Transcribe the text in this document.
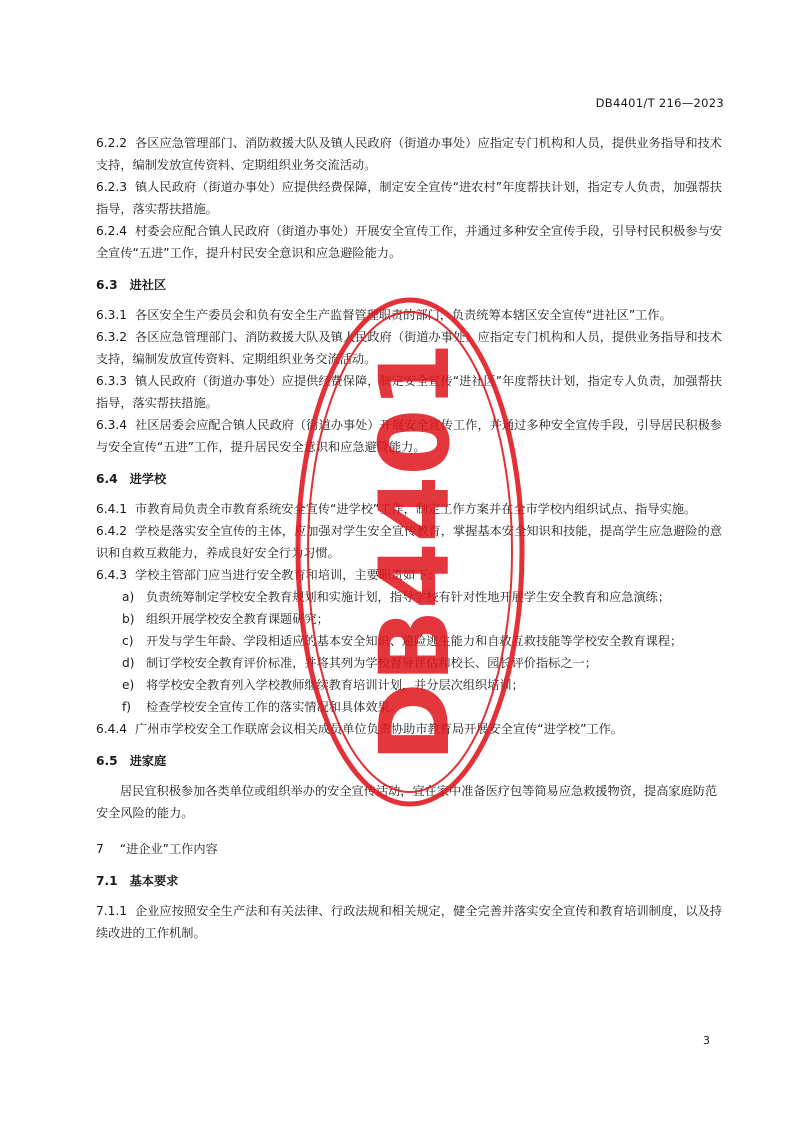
DB4401/T 216—2023

6.2.2 各区应急管理部门、消防救援大队及镇人民政府（街道办事处）应指定专门机构和人员，提供业务指导和技术支持，编制发放宣传资料、定期组织业务交流活动。

6.2.3 镇人民政府（街道办事处）应提供经费保障，制定安全宣传“进农村”年度帮扶计划，指定专人负责，加强帮扶指导，落实帮扶措施。

6.2.4 村委会应配合镇人民政府（街道办事处）开展安全宣传工作，并通过多种安全宣传手段，引导村民积极参与安全宣传“五进”工作，提升村民安全意识和应急避险能力。

6.3 进社区

6.3.1 各区安全生产委员会和负有安全生产监督管理职责的部门，负责统筹本辖区安全宣传“进社区”工作。

6.3.2 各区应急管理部门、消防救援大队及镇人民政府（街道办事处）应指定专门机构和人员，提供业务指导和技术支持，编制发放宣传资料、定期组织业务交流活动。

6.3.3 镇人民政府（街道办事处）应提供经费保障，制定安全宣传“进社区”年度帮扶计划，指定专人负责，加强帮扶指导，落实帮扶措施。

6.3.4 社区居委会应配合镇人民政府（街道办事处）开展安全宣传工作，并通过多种安全宣传手段，引导居民积极参与安全宣传“五进”工作，提升居民安全意识和应急避险能力。

6.4 进学校

6.4.1 市教育局负责全市教育系统安全宣传“进学校”工作，制定工作方案并在全市学校内组织试点、指导实施。

6.4.2 学校是落实安全宣传的主体，应加强对学生安全宣传教育，掌握基本安全知识和技能，提高学生应急避险的意识和自救互救能力，养成良好安全行为习惯。

6.4.3 学校主管部门应当进行安全教育和培训，主要职责如下：

a) 负责统筹制定学校安全教育规划和实施计划，指导学校有针对性地开展学生安全教育和应急演练；

b) 组织开展学校安全教育课题研究；

c) 开发与学生年龄、学段相适应的基本安全知识、避险逃生能力和自救互救技能等学校安全教育课程；

d) 制订学校安全教育评价标准，并将其列为学校督导评估和校长、园长评价指标之一；

e) 将学校安全教育列入学校教师继续教育培训计划，并分层次组织培训；

f) 检查学校安全宣传工作的落实情况和具体效果。

6.4.4 广州市学校安全工作联席会议相关成员单位负责协助市教育局开展安全宣传“进学校”工作。

6.5 进家庭

居民宜积极参加各类单位或组织举办的安全宣传活动，宜在家中准备医疗包等简易应急救援物资，提高家庭防范安全风险的能力。

7 “进企业”工作内容

7.1 基本要求

7.1.1 企业应按照安全生产法和有关法律、行政法规和相关规定，健全完善并落实安全宣传和教育培训制度，以及持续改进的工作机制。

3
DB4401
